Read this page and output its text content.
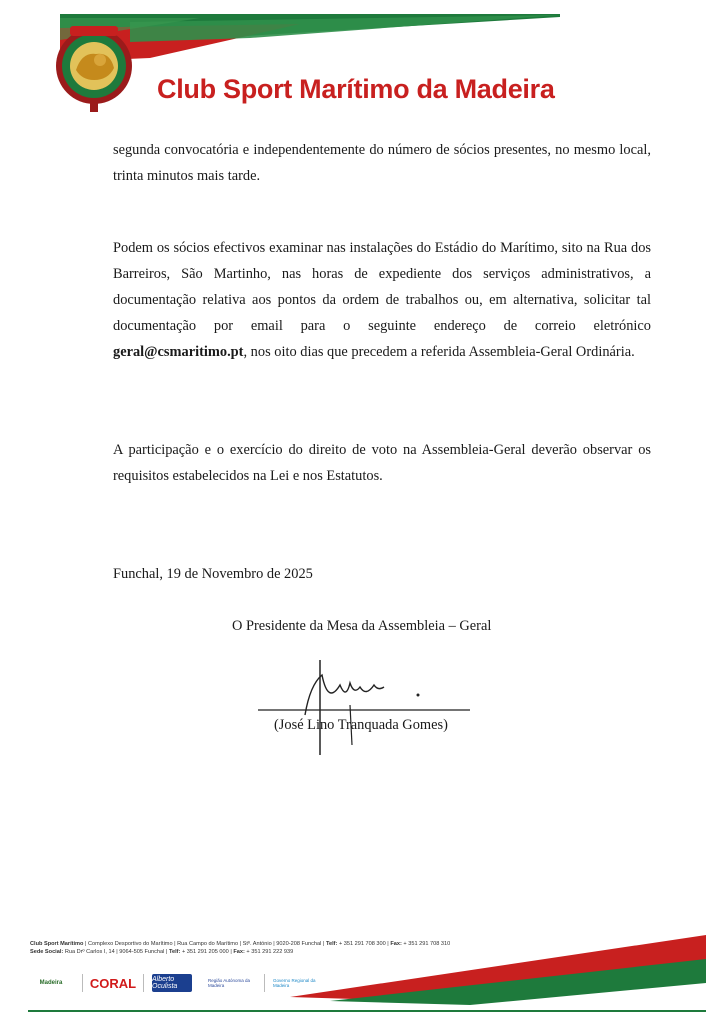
Club Sport Marítimo da Madeira

segunda convocatória e independentemente do número de sócios presentes, no mesmo local, trinta minutos mais tarde.

Podem os sócios efectivos examinar nas instalações do Estádio do Marítimo, sito na Rua dos Barreiros, São Martinho, nas horas de expediente dos serviços administrativos, a documentação relativa aos pontos da ordem de trabalhos ou, em alternativa, solicitar tal documentação por email para o seguinte endereço de correio eletrónico geral@csmaritimo.pt, nos oito dias que precedem a referida Assembleia-Geral Ordinária.

A participação e o exercício do direito de voto na Assembleia-Geral deverão observar os requisitos estabelecidos na Lei e nos Estatutos.

Funchal, 19 de Novembro de 2025
O Presidente da Mesa da Assembleia – Geral
(José Lino Tranquada Gomes)
Club Sport Marítimo | Complexo Desportivo do Marítimo | Rua Campo do Marítimo | Stº. António | 9020-208 Funchal | Telf: + 351 291 708 300 | Fax: + 351 291 708 310
Sede Social: Rua Drº Carlos I, 14 | 9064-505 Funchal | Telf: + 351 291 205 000 | Fax: + 351 291 222 939
Madeira	CORAL	Alberto Oculista
Região Autónoma da Madeira
Governo Regional da Madeira
